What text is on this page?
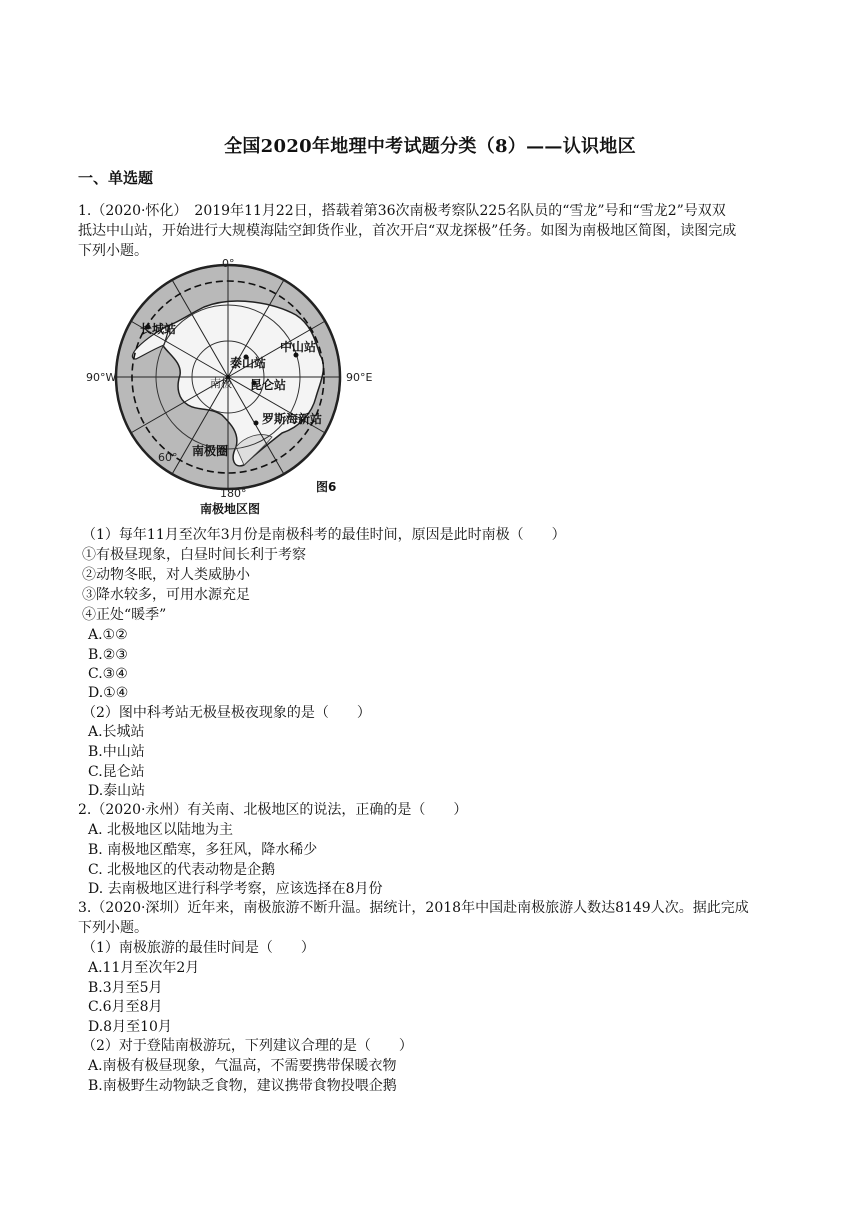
全国2020年地理中考试题分类（8）——认识地区
一、单选题
1.（2020·怀化）　2019年11月22日，搭载着第36次南极考察队225名队员的“雪龙”号和“雪龙2”号双双
抵达中山站，开始进行大规模海陆空卸货作业，首次开启“双龙探极”任务。如图为南极地区简图，读图完成
下列小题。
0°
90°W	90°E
180°
60°
长城站
泰山站
中山站
昆仑站
罗斯海新站
南极圈
南极
图6
南极地区图
（1）每年11月至次年3月份是南极科考的最佳时间，原因是此时南极（　　）
①有极昼现象，白昼时间长利于考察
②动物冬眠，对人类威胁小
③降水较多，可用水源充足
④正处“暖季”
A.①②
B.②③
C.③④
D.①④
（2）图中科考站无极昼极夜现象的是（　　）
A.长城站
B.中山站
C.昆仑站
D.泰山站
2.（2020·永州）有关南、北极地区的说法，正确的是（　　）
A. 北极地区以陆地为主
B. 南极地区酷寒，多狂风，降水稀少
C. 北极地区的代表动物是企鹅
D. 去南极地区进行科学考察，应该选择在8月份
3.（2020·深圳）近年来，南极旅游不断升温。据统计，2018年中国赴南极旅游人数达8149人次。据此完成
下列小题。
（1）南极旅游的最佳时间是（　　）
A.11月至次年2月
B.3月至5月
C.6月至8月
D.8月至10月
（2）对于登陆南极游玩，下列建议合理的是（　　）
A.南极有极昼现象，气温高，不需要携带保暖衣物
B.南极野生动物缺乏食物，建议携带食物投喂企鹅
